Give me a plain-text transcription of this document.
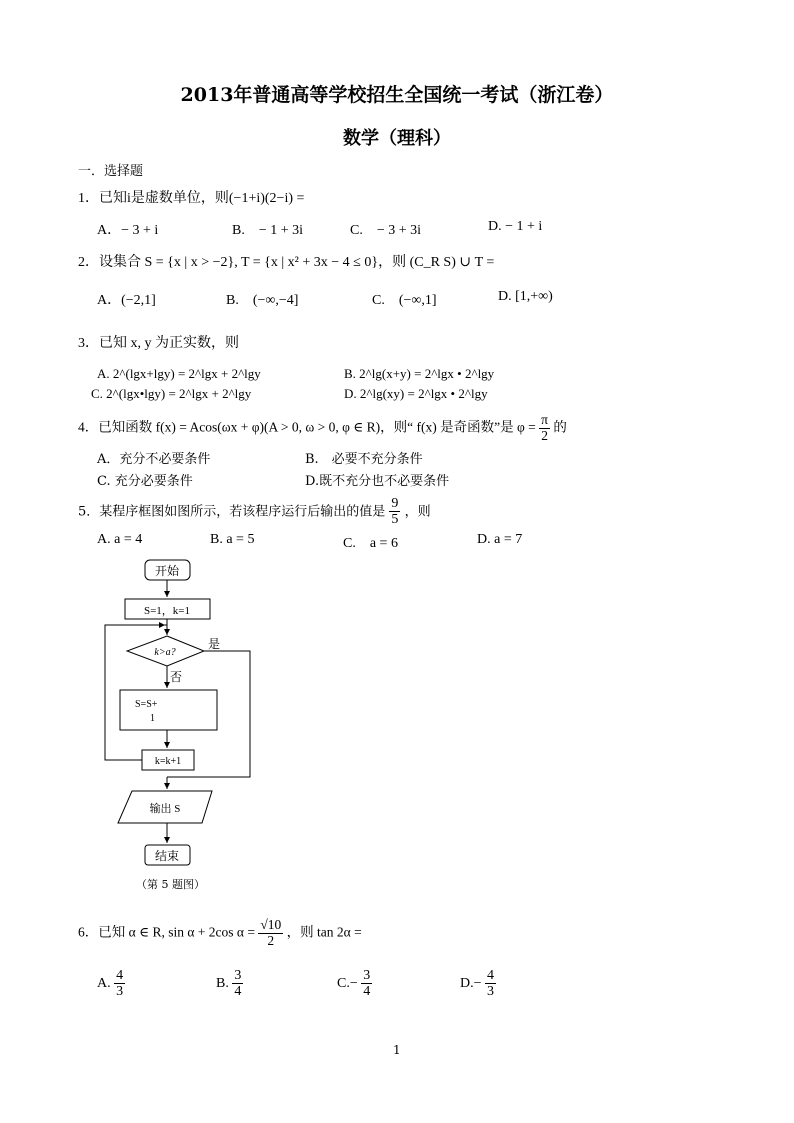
2013年普通高等学校招生全国统一考试（浙江卷）
数学（理科）
一．选择题
1．已知i是虚数单位，则(−1+i)(2−i) =
A．− 3 + i	B.　− 1 + 3i	C.　− 3 + 3i	D. − 1 + i
2．设集合 S = {x | x > −2}, T = {x | x² + 3x − 4 ≤ 0}，则 (C_R S) ∪ T =
A．(−2,1]	B.　(−∞,−4]	C.　(−∞,1]	D. [1,+∞)
3．已知 x, y 为正实数，则
A. 2^(lgx+lgy) = 2^lgx + 2^lgy	B. 2^lg(x+y) = 2^lgx • 2^lgy
C. 2^(lgx•lgy) = 2^lgx + 2^lgy	D. 2^lg(xy) = 2^lgx • 2^lgy
4．已知函数 f(x) = Acos(ωx + φ)(A > 0, ω > 0, φ ∈ R)，则“ f(x) 是奇函数”是 $\varphi = \frac{\pi}{2}$ 的
A．充分不必要条件	B.　必要不充分条件
C. 充分必要条件	D.既不充分也不必要条件
5．某程序框图如图所示，若该程序运行后输出的值是 $\frac{9}{5}$ ，则
A. a = 4	B. a = 5	C.　a = 6	D. a = 7
开始
S=1，k=1
k>a?
是
否
S=S+
1
k=k+1
输出 S
结束
（第 5 题图）
6．已知 α ∈ R, sin α + 2cos $\alpha = \frac{√10}{2}$ ，则 tan 2α =
A. $\frac{4}{3}$	B. $\frac{3}{4}$	$C.- \frac{3}{4}$	$D.- \frac{4}{3}$
1
